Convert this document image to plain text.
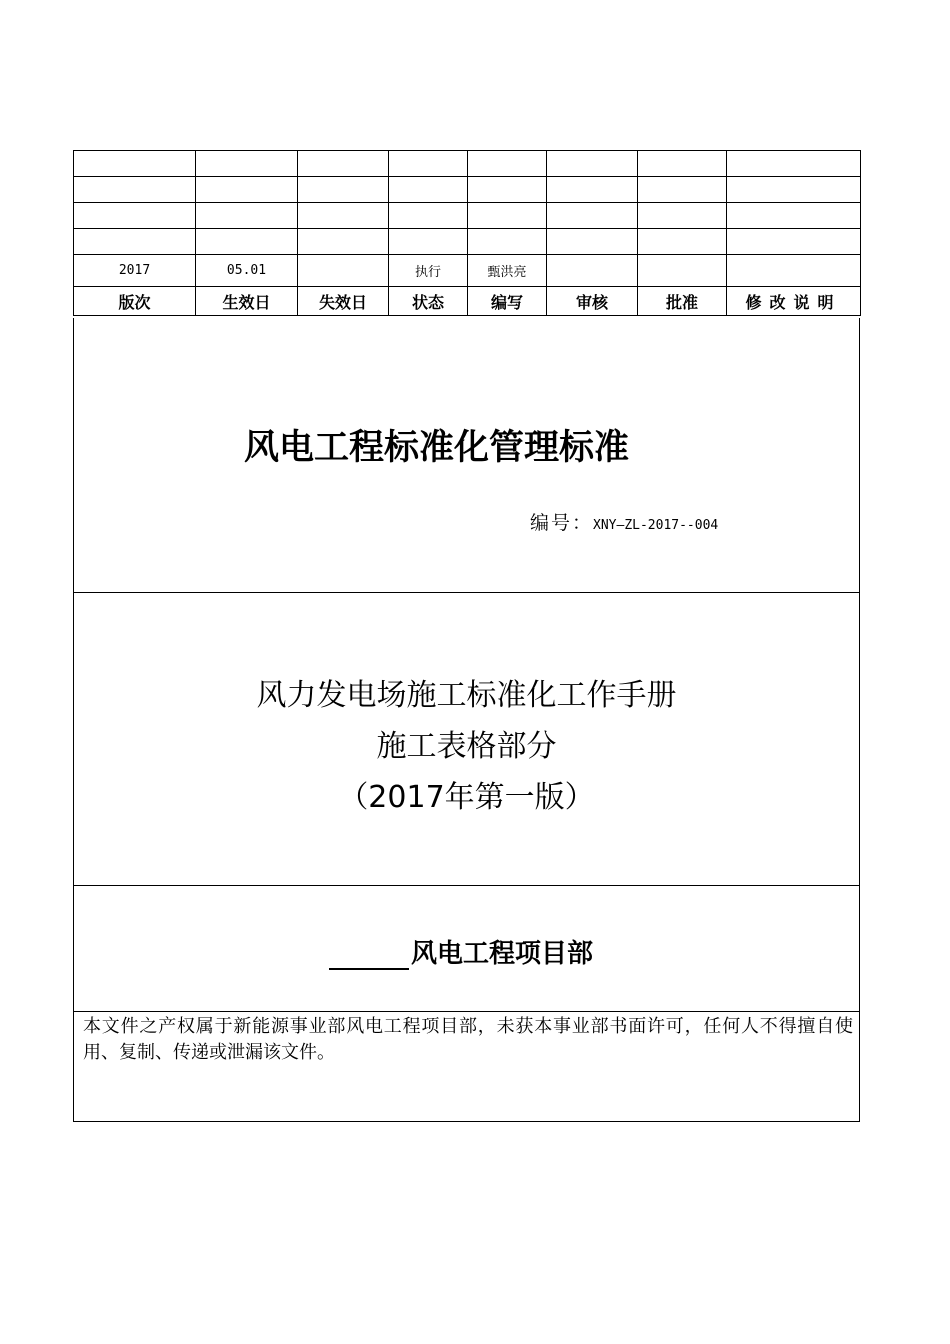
2017	05.01		执行	甄洪亮			
版次	生效日	失效日	状态	编写	审核	批准	修改说明
风电工程标准化管理标准
编号：XNY—ZL-2017--004
风力发电场施工标准化工作手册
施工表格部分
（2017年第一版）
风电工程项目部
本文件之产权属于新能源事业部风电工程项目部，未获本事业部书面许可，任何人不得擅自使用、复制、传递或泄漏该文件。
